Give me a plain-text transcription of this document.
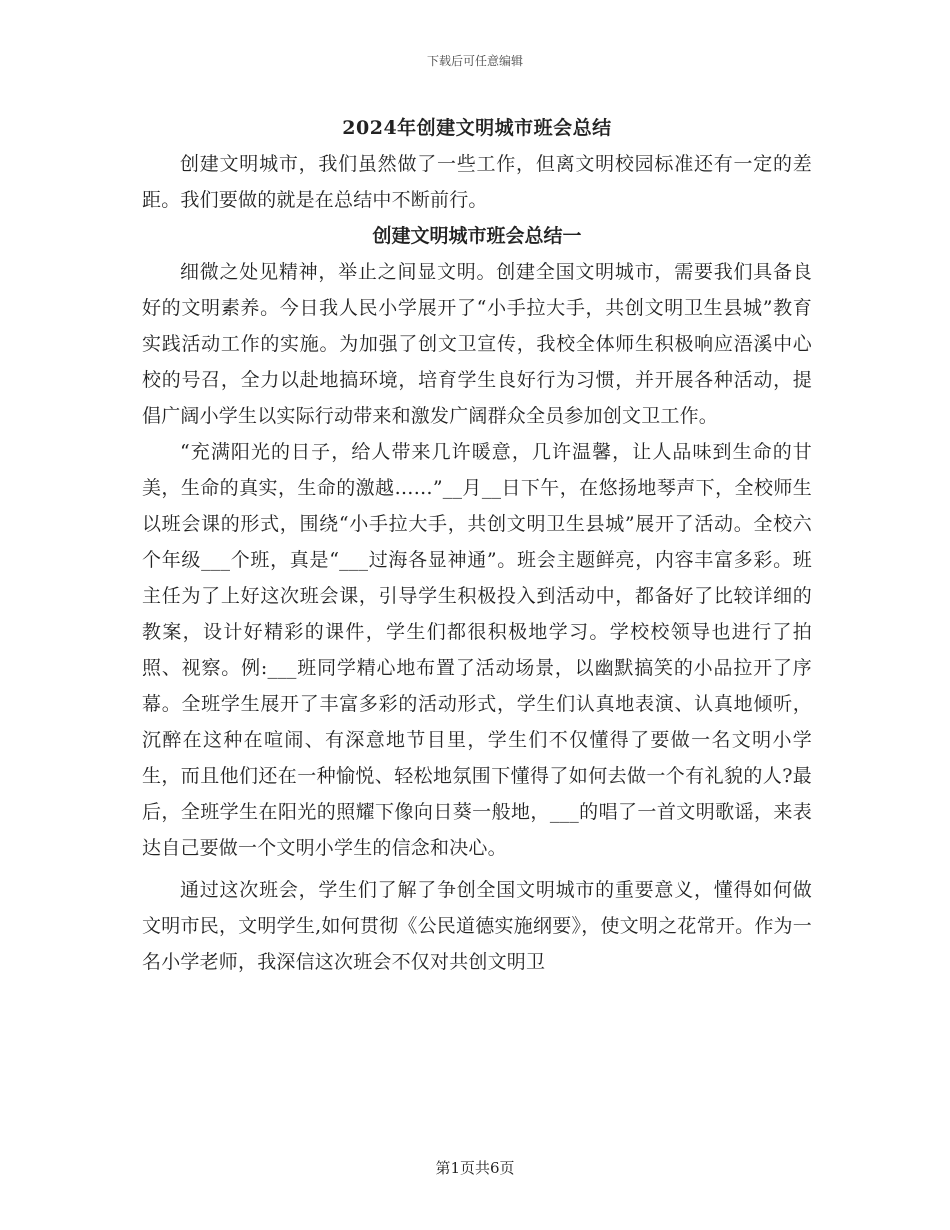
下载后可任意编辑

2024年创建文明城市班会总结

创建文明城市，我们虽然做了一些工作，但离文明校园标准还有一定的差距。我们要做的就是在总结中不断前行。

创建文明城市班会总结一

细微之处见精神，举止之间显文明。创建全国文明城市，需要我们具备良好的文明素养。今日我人民小学展开了“小手拉大手，共创文明卫生县城”教育实践活动工作的实施。为加强了创文卫宣传，我校全体师生积极响应浯溪中心校的号召，全力以赴地搞环境，培育学生良好行为习惯，并开展各种活动，提倡广阔小学生以实际行动带来和激发广阔群众全员参加创文卫工作。

“充满阳光的日子，给人带来几许暖意，几许温馨，让人品味到生命的甘美，生命的真实，生命的激越……”__月__日下午，在悠扬地琴声下，全校师生以班会课的形式，围绕“小手拉大手，共创文明卫生县城”展开了活动。全校六个年级___个班，真是“___过海各显神通”。班会主题鲜亮，内容丰富多彩。班主任为了上好这次班会课，引导学生积极投入到活动中，都备好了比较详细的教案，设计好精彩的课件，学生们都很积极地学习。学校校领导也进行了拍照、视察。例:___班同学精心地布置了活动场景，以幽默搞笑的小品拉开了序幕。全班学生展开了丰富多彩的活动形式，学生们认真地表演、认真地倾听，沉醉在这种在喧闹、有深意地节目里，学生们不仅懂得了要做一名文明小学生，而且他们还在一种愉悦、轻松地氛围下懂得了如何去做一个有礼貌的人?最后，全班学生在阳光的照耀下像向日葵一般地，___的唱了一首文明歌谣，来表达自己要做一个文明小学生的信念和决心。

通过这次班会，学生们了解了争创全国文明城市的重要意义，懂得如何做文明市民，文明学生,如何贯彻《公民道德实施纲要》，使文明之花常开。作为一名小学老师，我深信这次班会不仅对共创文明卫

第1页共6页
